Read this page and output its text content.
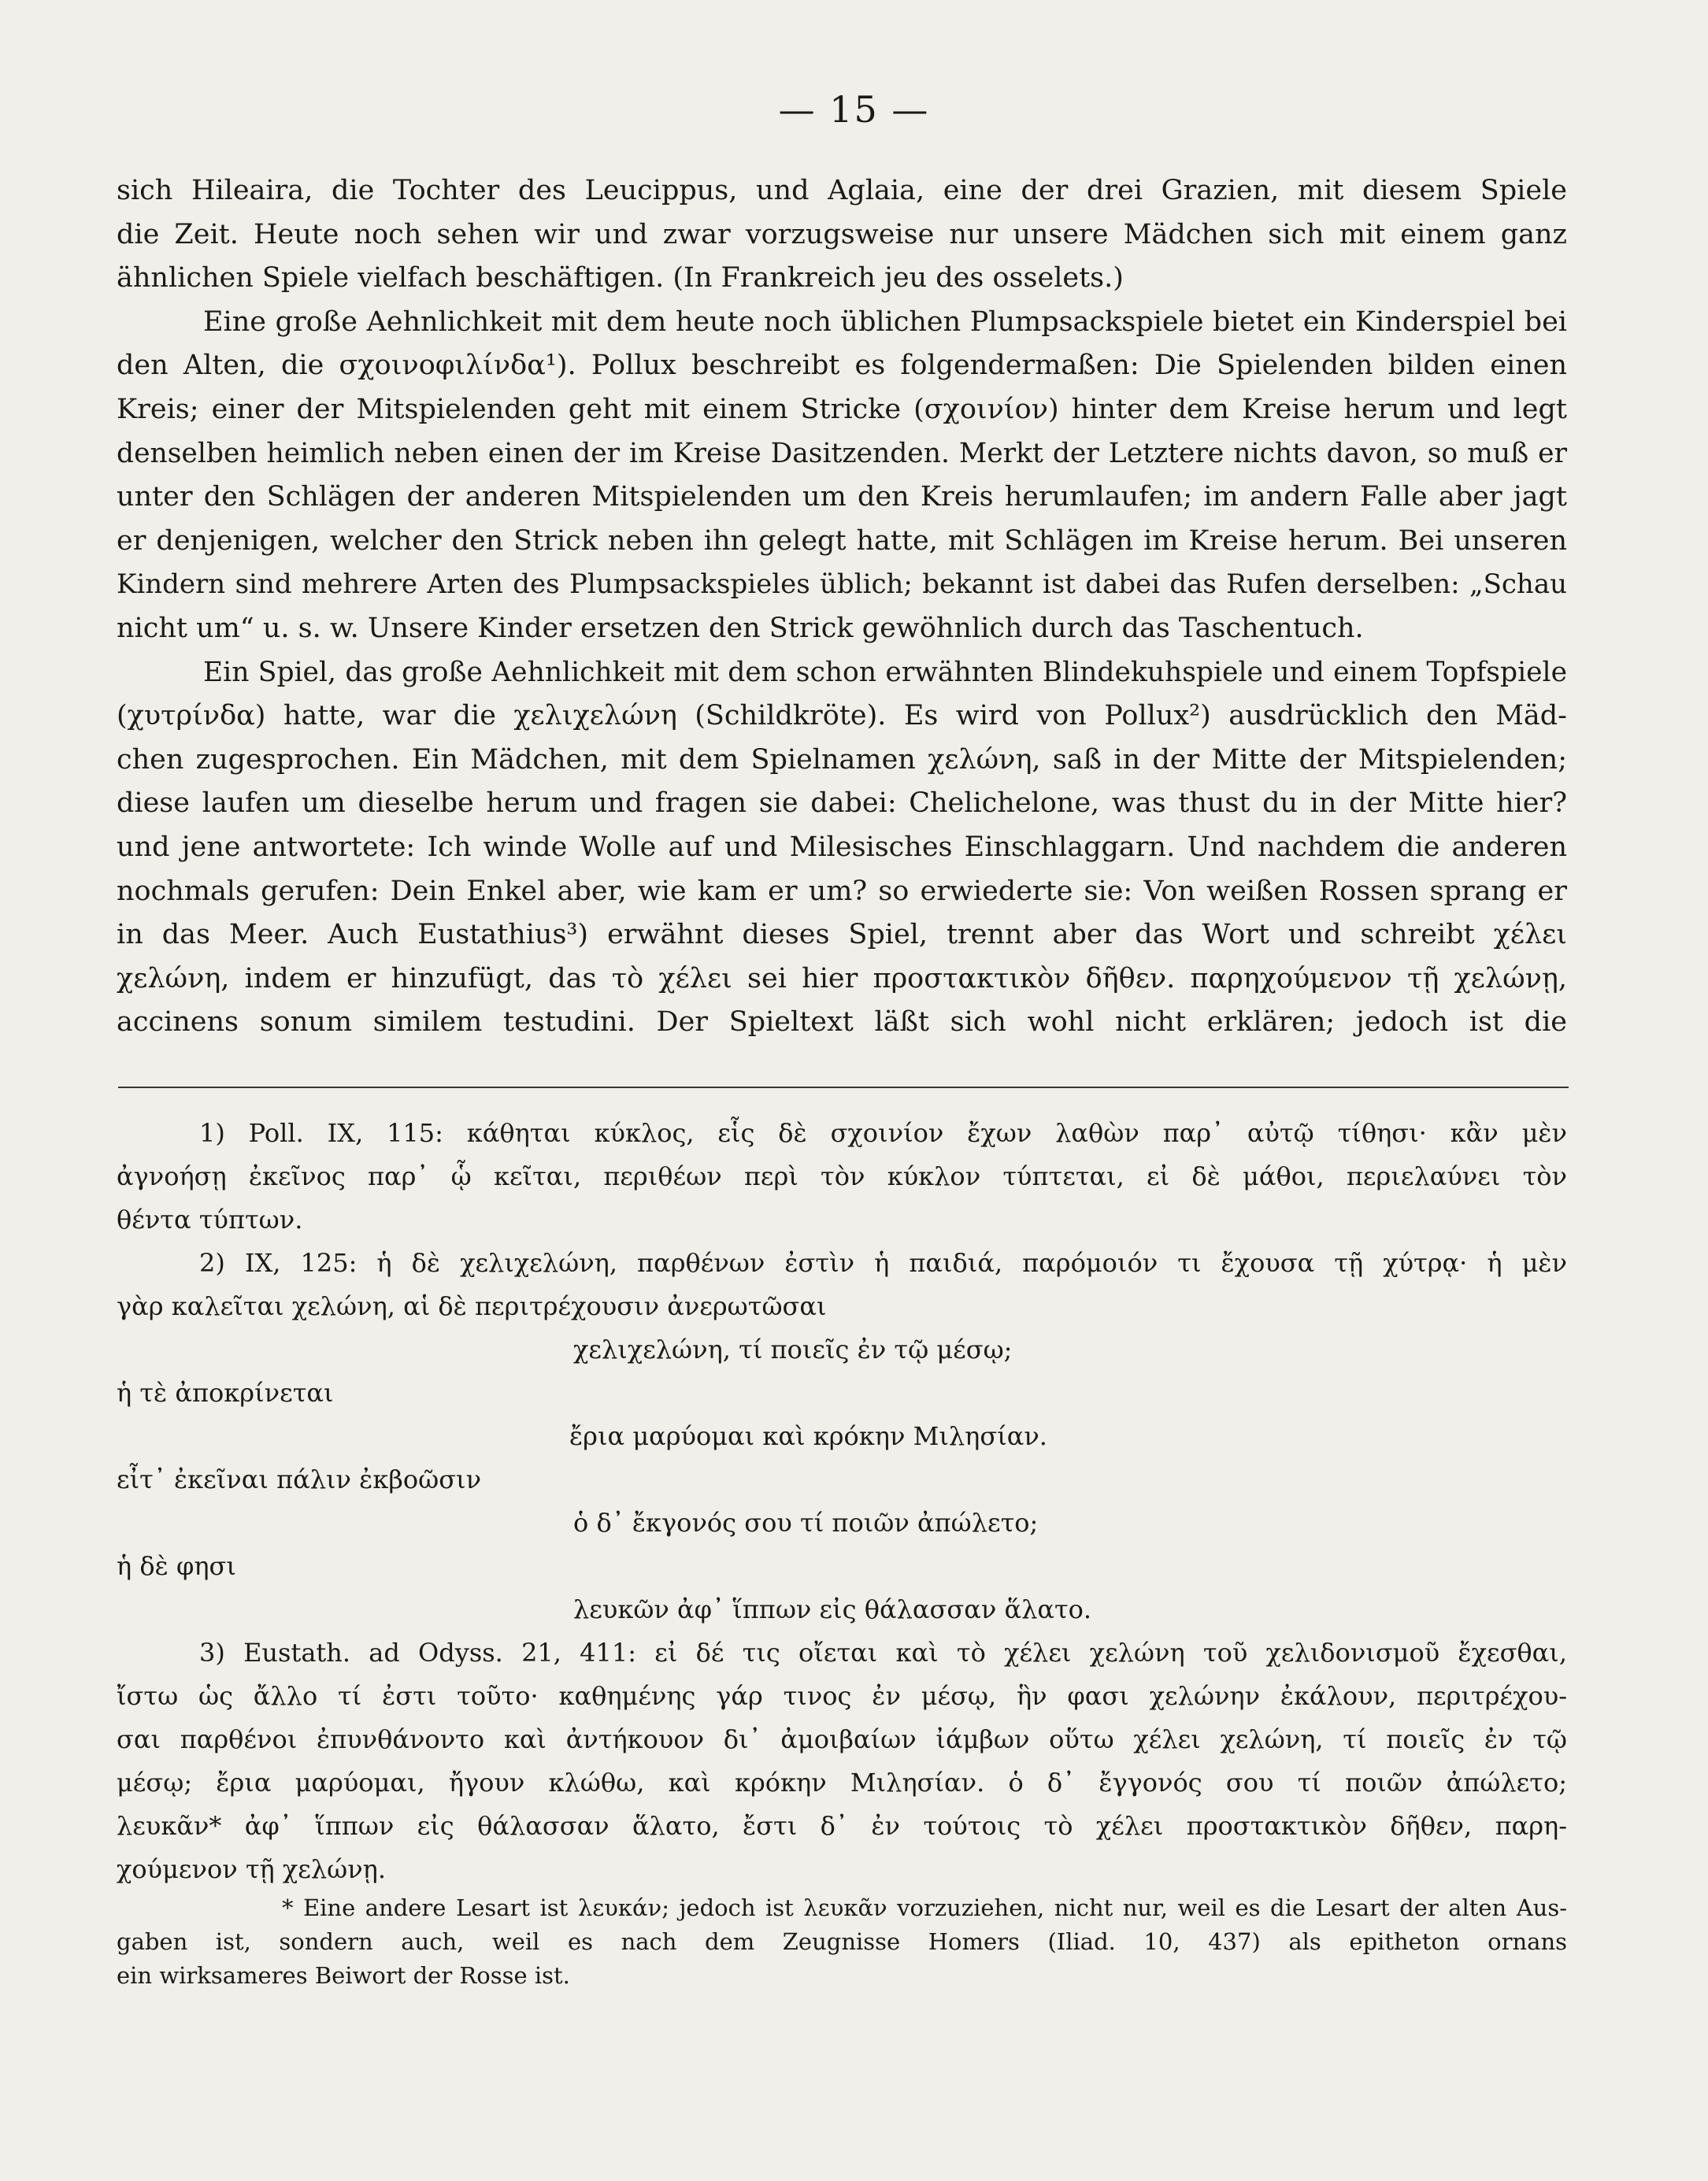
— 15 —
sich Hileaira, die Tochter des Leucippus, und Aglaia, eine der drei Grazien, mit diesem Spiele
die Zeit. Heute noch sehen wir und zwar vorzugsweise nur unsere Mädchen sich mit einem ganz
ähnlichen Spiele vielfach beschäftigen. (In Frankreich jeu des osselets.)
Eine große Aehnlichkeit mit dem heute noch üblichen Plumpsackspiele bietet ein Kinderspiel bei
den Alten, die σχοινοφιλίνδα¹). Pollux beschreibt es folgendermaßen: Die Spielenden bilden einen
Kreis; einer der Mitspielenden geht mit einem Stricke (σχοινίον) hinter dem Kreise herum und legt
denselben heimlich neben einen der im Kreise Dasitzenden. Merkt der Letztere nichts davon, so muß er
unter den Schlägen der anderen Mitspielenden um den Kreis herumlaufen; im andern Falle aber jagt
er denjenigen, welcher den Strick neben ihn gelegt hatte, mit Schlägen im Kreise herum. Bei unseren
Kindern sind mehrere Arten des Plumpsackspieles üblich; bekannt ist dabei das Rufen derselben: „Schau
nicht um“ u. s. w. Unsere Kinder ersetzen den Strick gewöhnlich durch das Taschentuch.
Ein Spiel, das große Aehnlichkeit mit dem schon erwähnten Blindekuhspiele und einem Topfspiele
(χυτρίνδα) hatte, war die χελιχελώνη (Schildkröte). Es wird von Pollux²) ausdrücklich den Mäd-
chen zugesprochen. Ein Mädchen, mit dem Spielnamen χελώνη, saß in der Mitte der Mitspielenden;
diese laufen um dieselbe herum und fragen sie dabei: Chelichelone, was thust du in der Mitte hier?
und jene antwortete: Ich winde Wolle auf und Milesisches Einschlaggarn. Und nachdem die anderen
nochmals gerufen: Dein Enkel aber, wie kam er um? so erwiederte sie: Von weißen Rossen sprang er
in das Meer. Auch Eustathius³) erwähnt dieses Spiel, trennt aber das Wort und schreibt χέλει
χελώνη, indem er hinzufügt, das τὸ χέλει sei hier προστακτικὸν δῆθεν. παρηχούμενον τῇ χελώνῃ,
accinens sonum similem testudini. Der Spieltext läßt sich wohl nicht erklären; jedoch ist die
1) Poll. IX, 115: κάθηται κύκλος, εἷς δὲ σχοινίον ἔχων λαθὼν παρ᾽ αὐτῷ τίθησι· κἂν μὲν
ἀγνοήσῃ ἐκεῖνος παρ᾽ ᾧ κεῖται, περιθέων περὶ τὸν κύκλον τύπτεται, εἰ δὲ μάθοι, περιελαύνει τὸν
θέντα τύπτων.
2) IX, 125: ἡ δὲ χελιχελώνη, παρθένων ἐστὶν ἡ παιδιά, παρόμοιόν τι ἔχουσα τῇ χύτρᾳ· ἡ μὲν
γὰρ καλεῖται χελώνη, αἱ δὲ περιτρέχουσιν ἀνερωτῶσαι
χελιχελώνη, τί ποιεῖς ἐν τῷ μέσῳ;
ἡ τὲ ἀποκρίνεται
ἔρια μαρύομαι καὶ κρόκην Μιλησίαν.
εἶτ᾽ ἐκεῖναι πάλιν ἐκβοῶσιν
ὁ δ᾽ ἔκγονός σου τί ποιῶν ἀπώλετο;
ἡ δὲ φησι
λευκῶν ἀφ᾽ ἵππων εἰς θάλασσαν ἅλατο.
3) Eustath. ad Odyss. 21, 411: εἰ δέ τις οἴεται καὶ τὸ χέλει χελώνη τοῦ χελιδονισμοῦ ἔχεσθαι,
ἴστω ὡς ἄλλο τί ἐστι τοῦτο· καθημένης γάρ τινος ἐν μέσῳ, ἣν φασι χελώνην ἐκάλουν, περιτρέχου-
σαι παρθένοι ἐπυνθάνοντο καὶ ἀντήκουον δι᾽ ἀμοιβαίων ἰάμβων οὕτω χέλει χελώνη, τί ποιεῖς ἐν τῷ
μέσῳ; ἔρια μαρύομαι, ἤγουν κλώθω, καὶ κρόκην Μιλησίαν. ὁ δ᾽ ἔγγονός σου τί ποιῶν ἀπώλετο;
λευκᾶν* ἀφ᾽ ἵππων εἰς θάλασσαν ἅλατο, ἔστι δ᾽ ἐν τούτοις τὸ χέλει προστακτικὸν δῆθεν, παρη-
χούμενον τῇ χελώνῃ.
* Eine andere Lesart ist λευκάν; jedoch ist λευκᾶν vorzuziehen, nicht nur, weil es die Lesart der alten Aus-
gaben ist, sondern auch, weil es nach dem Zeugnisse Homers (Iliad. 10, 437) als epitheton ornans
ein wirksameres Beiwort der Rosse ist.
